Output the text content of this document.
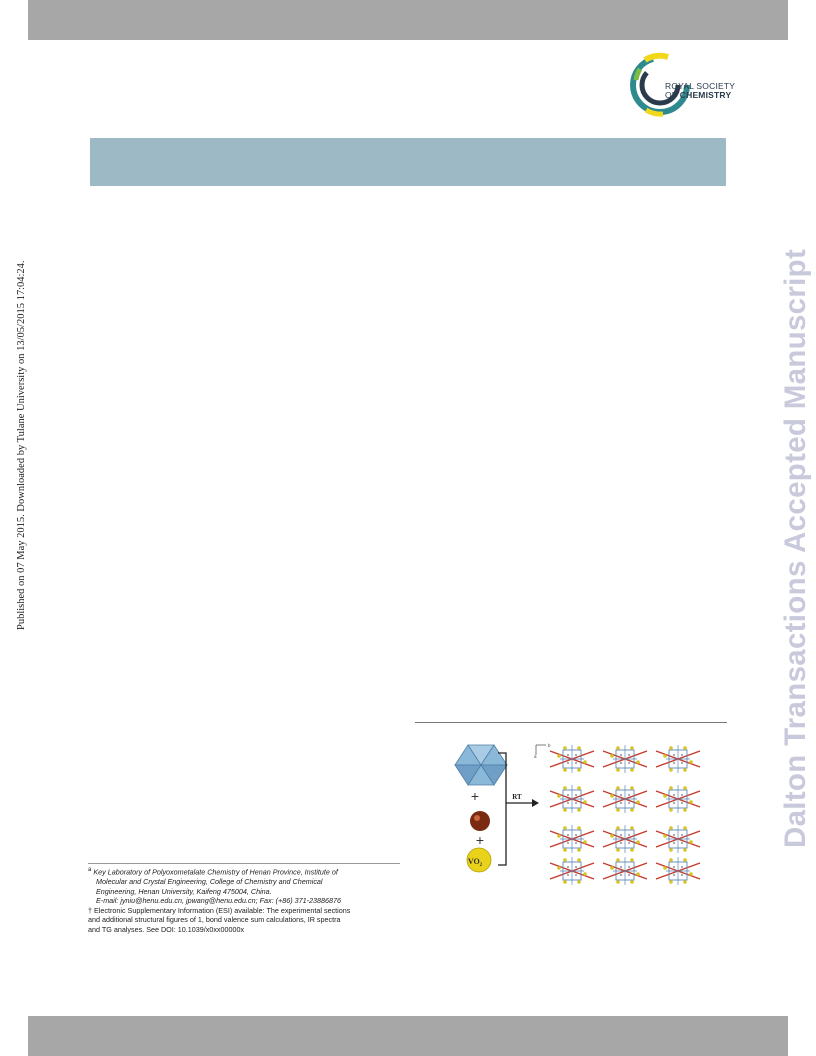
ROYAL SOCIETY
OF CHEMISTRY
Published on 07 May 2015. Downloaded by Tulane University on 13/05/2015 17:04:24.	Dalton Transactions Accepted Manuscript
+
+
$VO_2$
RT
b
a
$^a$ Key Laboratory of Polyoxometalate Chemistry of Henan Province, Institute of
Molecular and Crystal Engineering, College of Chemistry and Chemical
Engineering, Henan University, Kaifeng 475004, China.
E-mail: jyniu@henu.edu.cn, jpwang@henu.edu.cn; Fax: (+86) 371-23886876
† Electronic Supplementary Information (ESI) available: The experimental sections
and additional structural figures of 1, bond valence sum calculations, IR spectra
and TG analyses. See DOI: 10.1039/x0xx00000x
